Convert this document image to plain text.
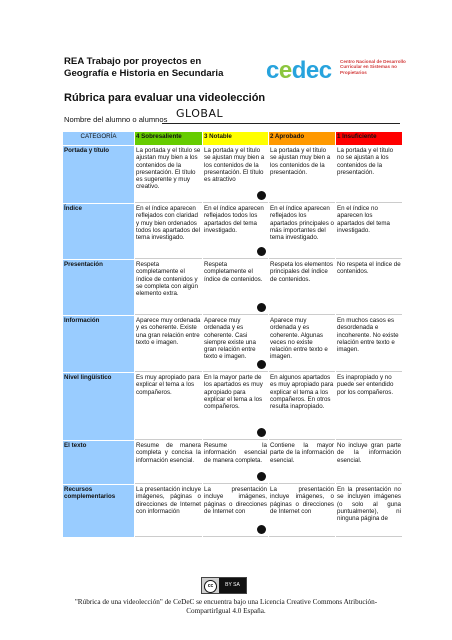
REA Trabajo por proyectos en
Geografía e Historia en Secundaria	cedec Centro Nacional de Desarrollo Curricular en Sistemas no Propietarios
Rúbrica para evaluar una videolección
Nombre del alumno o alumnos GLOBAL
CATEGORÍA	4 Sobresaliente	3 Notable	2 Aprobado	1 Insuficiente
Portada y título	La portada y el título se ajustan muy bien a los contenidos de la presentación. El título es sugerente y muy creativo.	La portada y el título se ajustan muy bien a los contenidos de la presentación. El título es atractivo	La portada y el título se ajustan muy bien a los contenidos de la presentación.	La portada y el título no se ajustan a los contenidos de la presentación.
Índice	En el índice aparecen reflejados con claridad y muy bien ordenados todos los apartados del tema investigado.	En el índice aparecen reflejados todos los apartados del tema investigado.	En el índice aparecen reflejados los apartados principales o más importantes del tema investigado.	En el índice no aparecen los apartados del tema investigado.
Presentación	Respeta completamente el índice de contenidos y se completa con algún elemento extra.	Respeta completamente el índice de contenidos.	Respeta los elementos principales del índice de contenidos.	No respeta el índice de contenidos.
Información	Aparece muy ordenada y es coherente. Existe una gran relación entre texto e imagen.	Aparece muy ordenada y es coherente. Casi siempre existe una gran relación entre texto e imagen.	Aparece muy ordenada y es coherente. Algunas veces no existe relación entre texto e imagen.	En muchos casos es desordenada e incoherente. No existe relación entre texto e imagen.
Nivel lingüístico	Es muy apropiado para explicar el tema a los compañeros.	En la mayor parte de los apartados es muy apropiado para explicar el tema a los compañeros.	En algunos apartados es muy apropiado para explicar el tema a los compañeros. En otros resulta inapropiado.	Es inapropiado y no puede ser entendido por los compañeros.
El texto	Resume de manera completa y concisa la información esencial.	Resume la información esencial de manera completa.	Contiene la mayor parte de la información esencial.	No incluye gran parte de la información esencial.
Recursos complementarios	La presentación incluye imágenes, páginas o direcciones de Internet con información	La presentación incluye imágenes, páginas o direcciones de Internet con	La presentación incluye imágenes, o páginas o direcciones de Internet con	En la presentación no se incluyen imágenes (o solo al guna puntualmente), ni ninguna página de
cc	BY SA
"Rúbrica de una videolección" de CeDeC se encuentra bajo una Licencia Creative Commons Atribución-CompartirIgual 4.0 España.
